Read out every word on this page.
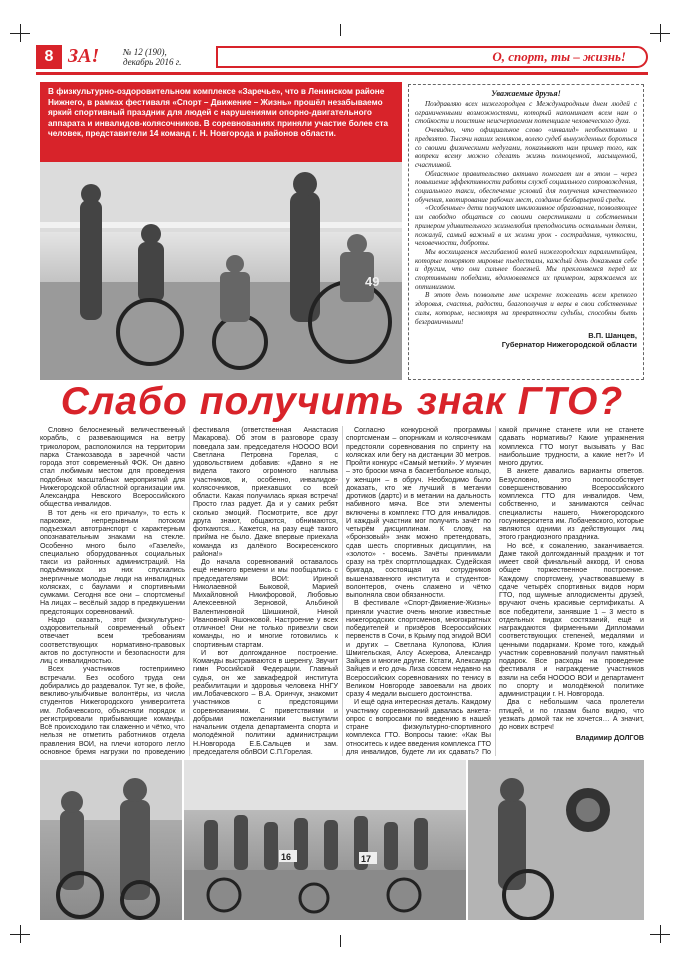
8 ЗА!	№ 12 (190),
декабрь 2016 г.	О, спорт, ты – жизнь!
В физкультурно-оздоровительном комплексе «Заречье», что в Ленинском районе Нижнего, в рамках фестиваля «Спорт – Движение – Жизнь» прошёл незабываемо яркий спортивный праздник для людей с нарушениями опорно-двигательного аппарата и инвалидов-колясочников. В соревнованиях приняли участие более ста человек, представители 14 команд г. Н. Новгорода и районов области.
49
Уважаемые друзья!

Поздравляю всех нижегородцев с Международным днем людей с ограниченными возможностями, который напоминает всем нам о стойкости и поистине неисчерпаемом потенциале человеческого духа.

Очевидно, что официальное слово «инвалид» необъективно и предвзято. Тысячи наших земляков, волею судеб вынужденных бороться со своими физическими недугами, показывают нам пример того, как вопреки всему можно сделать жизнь полноценной, насыщенной, счастливой.

Областное правительство активно помогает им в этом – через повышение эффективности работы служб социального сопровождения, социального такси, обеспечение условий для получения качественного обучения, квотирование рабочих мест, создание безбарьерной среды.

«Особенные» дети получают инклюзивное образование, позволяющее им свободно общаться со своими сверстниками и собственным примером удивительного жизнелюбия преподносить остальным детям, пожалуй, самый важный в их жизни урок - сострадания, чуткости, человечности, доброты.

Мы восхищаемся несгибаемой волей нижегородских паралимпийцев, которые покоряют мировые пьедесталы, каждый день доказывая себе и другим, что они сильнее болезней. Мы преклоняемся перед их спортивными победами, вдохновляемся их примером, заряжаемся их оптимизмом.

В этот день позвольте мне искренне пожелать всем крепкого здоровья, счастья, радости, благополучия и веры в свои собственные силы, которые, несмотря на превратности судьбы, способны быть безграничными!

В.П. Шанцев,
Губернатор Нижегородской области
Слабо получить знак ГТО?

Словно белоснежный величественный корабль, с развевающимся на ветру триколором, расположился на территории парка Станкозавода в заречной части города этот современный ФОК. Он давно стал любимым местом для проведения подобных масштабных мероприятий для Нижегородской областной организации им. Александра Невского Всероссийского общества инвалидов.

В тот день «к его причалу», то есть к парковке, непрерывным потоком подъезжал автотранспорт с характерным опознавательным знаками на стекле. Особенно много было «Газелей», специально оборудованных социальных такси из районных администраций. На подъёмниках из них спускались энергичные молодые люди на инвалидных колясках, с баулами и спортивными сумками. Сегодня все они – спортсмены! На лицах – весёлый задор в предвкушении предстоящих соревнований.

Надо сказать, этот физкультурно-оздоровительный современный объект отвечает всем требованиям соответствующих нормативно-правовых актов по доступности и безопасности для лиц с инвалидностью.

Всех участников гостеприимно встречали. Без особого труда они добирались до раздевалок. Тут же, в фойе, вежливо-улыбчивые волонтёры, из числа студентов Нижегородского университета им. Лобачевского, объясняли порядок и регистрировали прибывающие команды. Всё происходило так слаженно и чётко, что нельзя не отметить работников отдела правления ВОИ, на плечи которого легло основное бремя нагрузки по проведению фестиваля (ответственная Анастасия Макарова). Об этом в разговоре сразу поведала зам. председателя НОООО ВОИ Светлана Петровна Горелая, с удовольствием добавив: «Давно я не видела такого огромного наплыва участников, и, особенно, инвалидов-колясочников, приехавших со всей области. Какая получилась яркая встреча! Просто глаз радует. Да и у самих ребят сколько эмоций. Посмотрите, все друг друга знают, общаются, обнимаются, фоткаются… Кажется, на разу ещё такого прийма не было. Даже впервые приехала команда из далёкого Воскресенского района!»

До начала соревнований оставалось ещё немного времени и мы пообщались с председателями ВОИ: Ириной Николаевной Быковой, Марией Михайловной Никифоровой, Любовью Алексеевной Зерновой, Альбиной Валентиновной Шишкиной, Ниной Ивановной Яшонковой. Настроение у всех отличное! Они не только привезли свои команды, но и многие готовились к спортивным стартам.

И вот долгожданное построение. Команды выстраиваются в шеренгу. Звучит гимн Российской Федерации. Главный судья, он же завкафедрой института реабилитации и здоровья человека ННГУ им.Лобачевского – В.А. Оринчук, знакомит участников с предстоящими соревнованиями. С приветствиями и добрыми пожеланиями выступили начальник отдела департамента спорта и молодёжной политики администрации Н.Новгорода Е.Б.Сальцев и зам. председателя облВОИ С.П.Горелая.

Согласно конкурсной программы спортсменам – опорникам и колясочникам предстояли соревнования по спринту на колясках или бегу на дистанции 30 метров. Пройти конкурс «Самый меткий». У мужчин – это броски мяча в баскетбольное кольцо, у женщин – в обруч. Необходимо было доказать, кто же лучший в метании дротиков (дартс) и в метании на дальность набивного мяча. Все эти элементы включены в комплекс ГТО для инвалидов. И каждый участник мог получить зачёт по четырём дисциплинам. К слову, на «бронзовый» знак можно претендовать, сдав шесть спортивных дисциплин, на «золото» - восемь. Зачёты принимали сразу на трёх спортплощадках. Судейская бригада, состоящая из сотрудников вышеназванного института и студентов-волонтеров, очень слажено и чётко выполняла свои обязанности.

В фестивале «Спорт-Движение-Жизнь» приняли участие очень многие известные нижегородских спортсменов, многократных победителей и призёров Всероссийских первенств в Сочи, в Крыму под эгидой ВОИ и других – Светлана Кулопова, Юлия Шмигельская, Алсу Аскерова, Александр Зайцев и многие другие. Кстати, Александр Зайцев и его дочь Лиза совсем недавно на Всероссийских соревнованиях по тенису в Великом Новгороде завоевали на двоих сразу 4 медали высшего достоинства.

И ещё одна интересная деталь. Каждому участнику соревнований давалась анкета-опрос с вопросами по введению в нашей стране физкультурно-спортивного комплекса ГТО. Вопросы такие: «Как Вы относитесь к идее введения комплекса ГТО для инвалидов, будете ли их сдавать? По какой причине станете или не станете сдавать нормативы? Какие упражнения комплекса ГТО могут вызывать у Вас наибольшие трудности, а какие нет?» И много других.

В анкете давались варианты ответов. Безусловно, это поспособствует совершенствованию Всероссийского комплекса ГТО для инвалидов. Чем, собственно, и занимаются сейчас специалисты нашего, Нижегородского госуниверситета им. Лобачевского, которые являются одними из действующих лиц этого грандиозного праздника.

Но всё, к сожалению, заканчивается. Даже такой долгожданный праздник и тот имеет свой финальный аккорд. И снова общее торжественное построение. Каждому спортсмену, участвовавшему в сдаче четырёх спортивных видов норм ГТО, под шумные аплодисменты друзей, вручают очень красивые сертификаты. А все победители, занявшие 1 – 3 место в отдельных видах состязаний, ещё и награждаются фирменными Дипломами соответствующих степеней, медалями и ценными подарками. Кроме того, каждый участник соревнований получил памятный подарок. Все расходы на проведение фестиваля и награждение участников взяли на себя НОООО ВОИ и департамент по спорту и молодёжной политике администрации г. Н. Новгорода.

Два с небольшим часа пролетели птицей, и по глазам было видно, что уезжать домой так не хочется… А значит, до нових встреч!

Владимир ДОЛГОВ

16	17
